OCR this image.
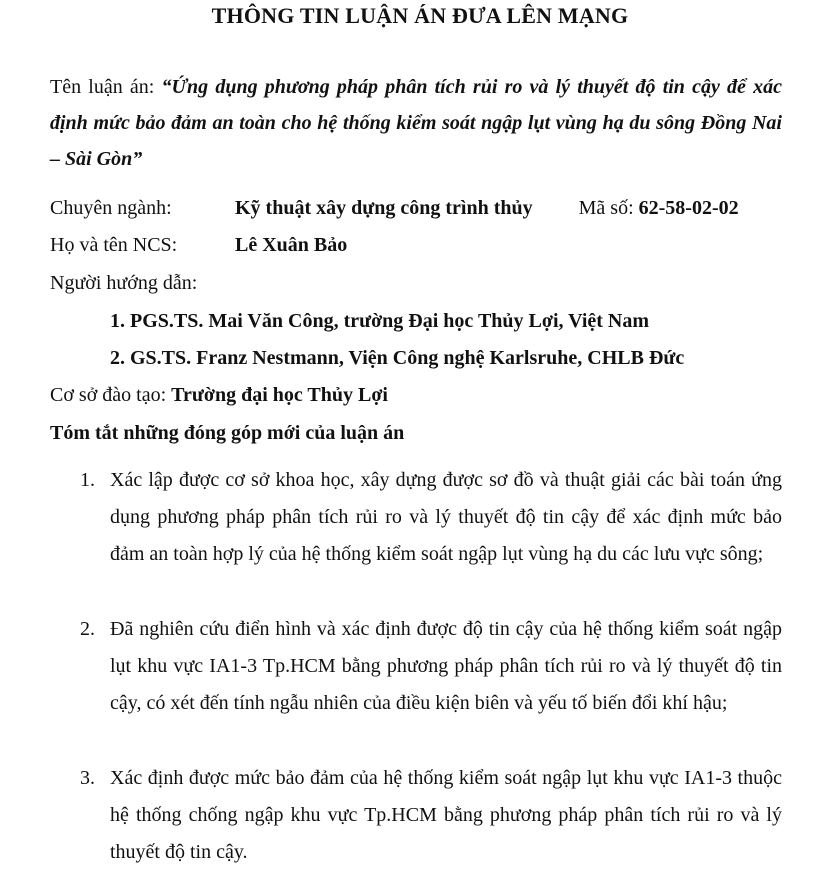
THÔNG TIN LUẬN ÁN ĐƯA LÊN MẠNG
Tên luận án: “Ứng dụng phương pháp phân tích rủi ro và lý thuyết độ tin cậy để xác định mức bảo đảm an toàn cho hệ thống kiểm soát ngập lụt vùng hạ du sông Đồng Nai – Sài Gòn”
Chuyên ngành:	Kỹ thuật xây dựng công trình thủy Mã số: 62-58-02-02
Họ và tên NCS:	Lê Xuân Bảo
Người hướng dẫn:
1. PGS.TS. Mai Văn Công, trường Đại học Thủy Lợi, Việt Nam
2. GS.TS. Franz Nestmann, Viện Công nghệ Karlsruhe, CHLB Đức
Cơ sở đào tạo: Trường đại học Thủy Lợi
Tóm tắt những đóng góp mới của luận án
1. Xác lập được cơ sở khoa học, xây dựng được sơ đồ và thuật giải các bài toán ứng dụng phương pháp phân tích rủi ro và lý thuyết độ tin cậy để xác định mức bảo đảm an toàn hợp lý của hệ thống kiểm soát ngập lụt vùng hạ du các lưu vực sông;
2. Đã nghiên cứu điển hình và xác định được độ tin cậy của hệ thống kiểm soát ngập lụt khu vực IA1-3 Tp.HCM bằng phương pháp phân tích rủi ro và lý thuyết độ tin cậy, có xét đến tính ngẫu nhiên của điều kiện biên và yếu tố biến đổi khí hậu;
3. Xác định được mức bảo đảm của hệ thống kiểm soát ngập lụt khu vực IA1-3 thuộc hệ thống chống ngập khu vực Tp.HCM bằng phương pháp phân tích rủi ro và lý thuyết độ tin cậy.
